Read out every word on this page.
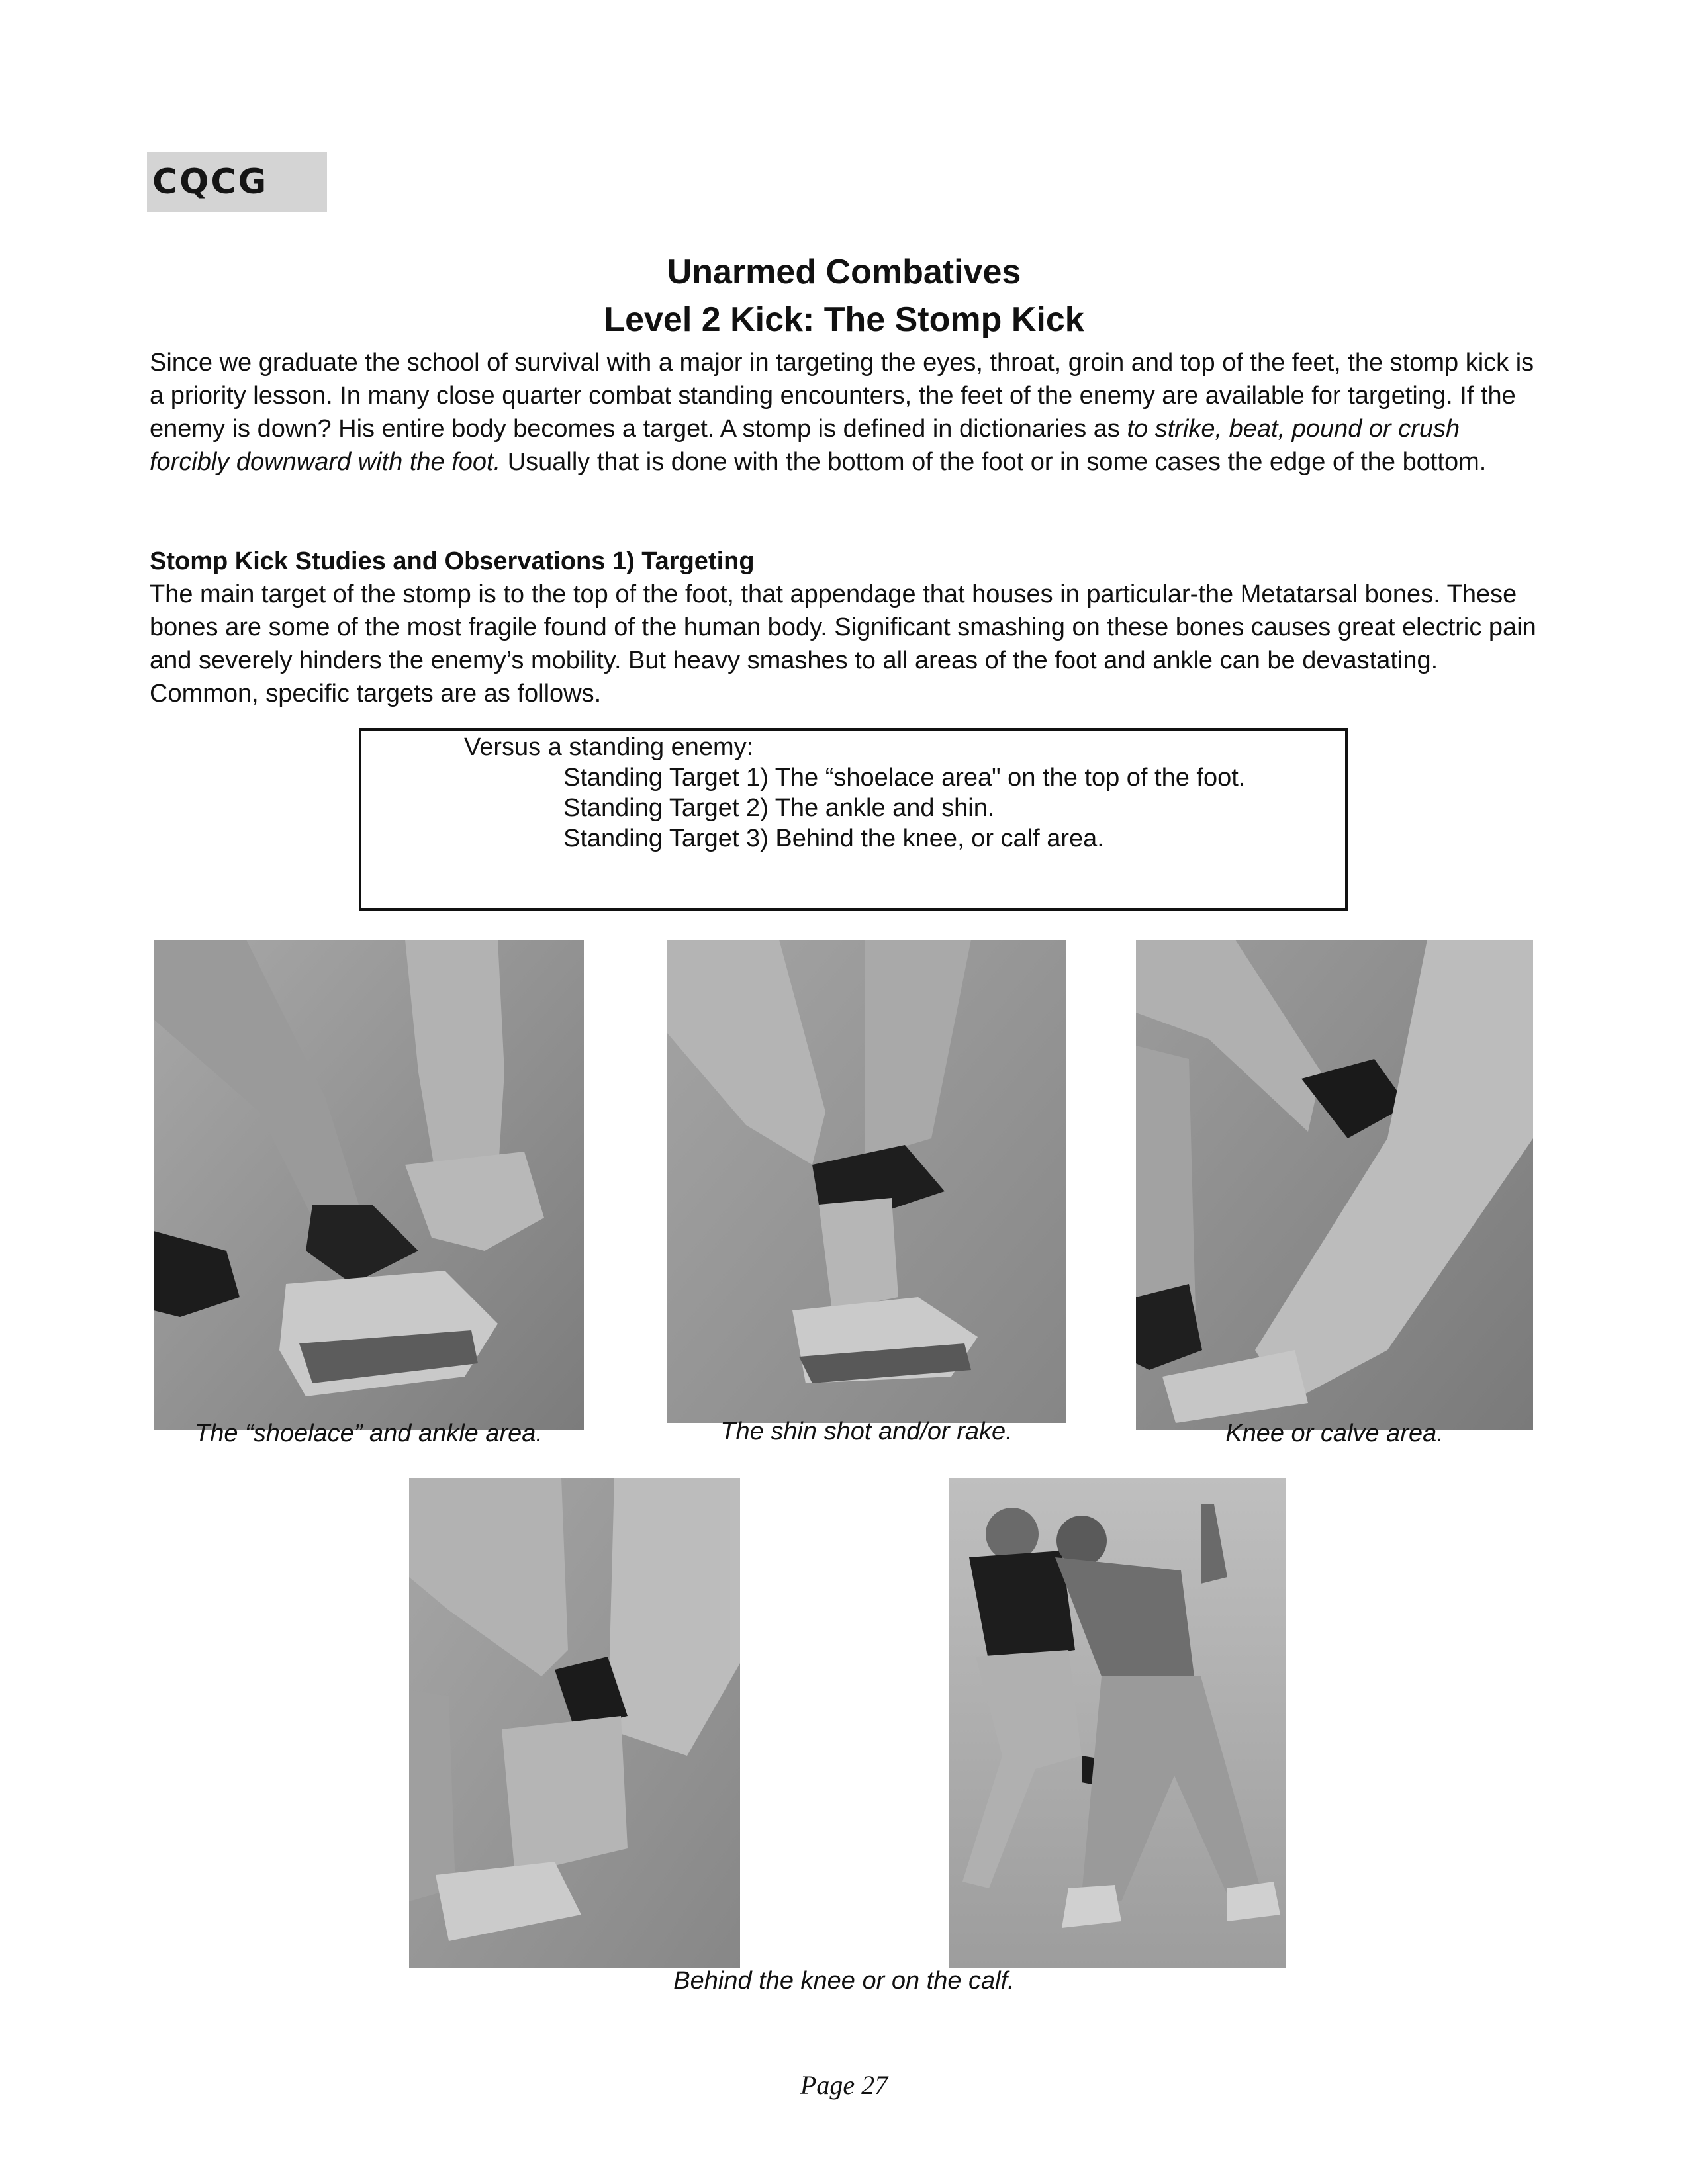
CQCG
Unarmed Combatives
Level 2 Kick: The Stomp Kick

Since we graduate the school of survival with a major in targeting the eyes, throat, groin and top of the feet, the stomp kick is a priority lesson. In many close quarter combat standing encounters, the feet of the enemy are available for targeting. If the enemy is down? His entire body becomes a target. A stomp is defined in dictionaries as to strike, beat, pound or crush forcibly downward with the foot. Usually that is done with the bottom of the foot or in some cases the edge of the bottom.

Stomp Kick Studies and Observations 1) Targeting

The main target of the stomp is to the top of the foot, that appendage that houses in particular-the Metatarsal bones. These bones are some of the most fragile found of the human body. Significant smashing on these bones causes great electric pain and severely hinders the enemy’s mobility. But heavy smashes to all areas of the foot and ankle can be devastating. Common, specific targets are as follows.

Versus a standing enemy:
Standing Target 1) The “shoelace area" on the top of the foot.
Standing Target 2) The ankle and shin.
Standing Target 3) Behind the knee, or calf area.
The “shoelace” and ankle area.	The shin shot and/or rake.	Knee or calve area.
Behind the knee or on the calf.
Page 27
